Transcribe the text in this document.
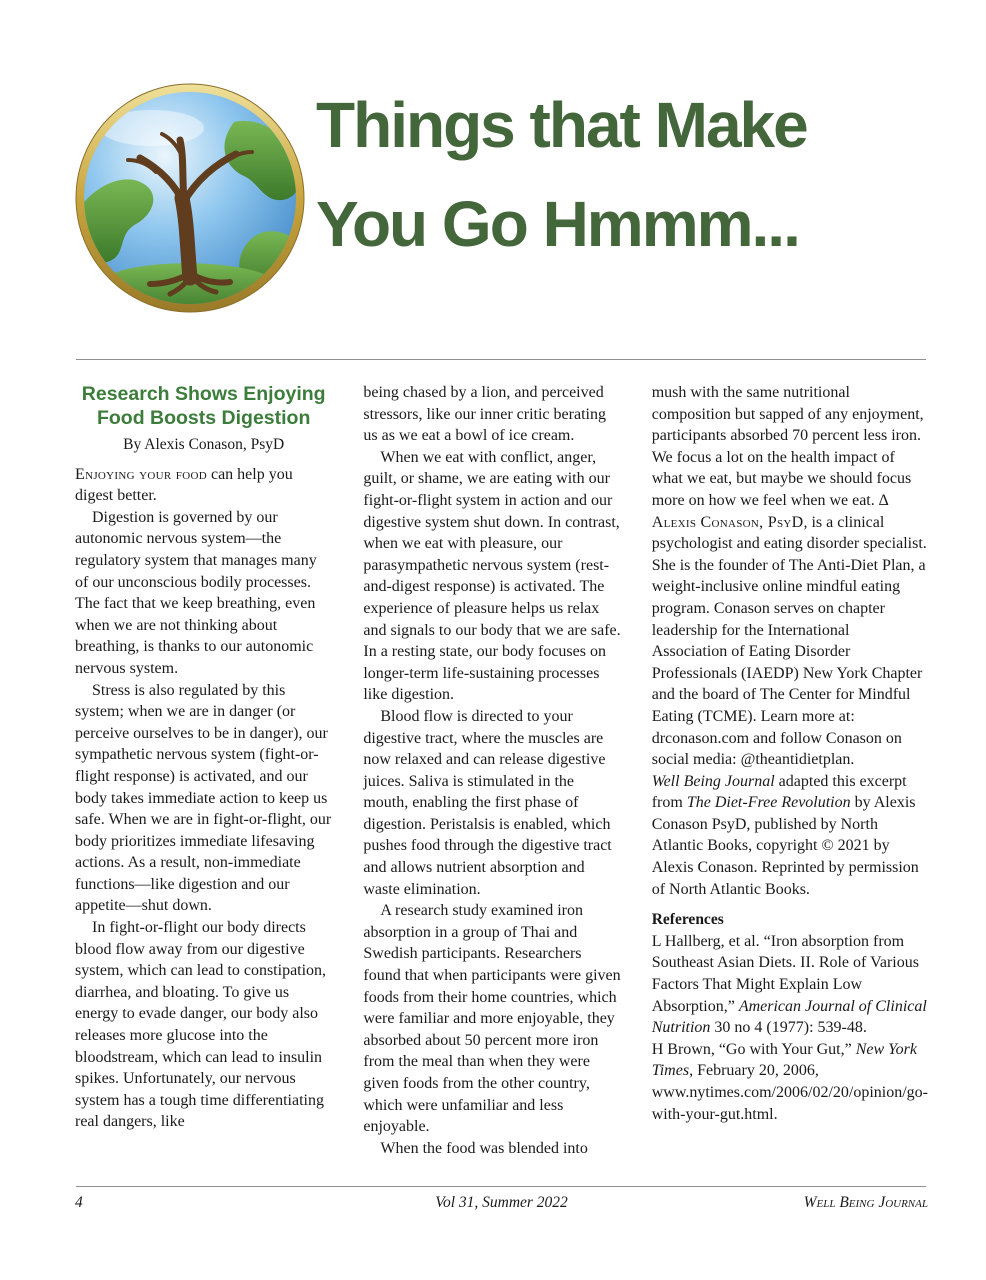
Things that Make
You Go Hmmm...
Research Shows Enjoying
Food Boosts Digestion

By Alexis Conason, PsyD

Enjoying your food can help you digest better.

Digestion is governed by our autonomic nervous system—the regulatory system that manages many of our unconscious bodily processes. The fact that we keep breathing, even when we are not thinking about breathing, is thanks to our autonomic nervous system.

Stress is also regulated by this system; when we are in danger (or perceive ourselves to be in danger), our sympathetic nervous system (fight-or-flight response) is activated, and our body takes immediate action to keep us safe. When we are in fight-or-flight, our body prioritizes immediate lifesaving actions. As a result, non-immediate functions—like digestion and our appetite—shut down.

In fight-or-flight our body directs blood flow away from our digestive system, which can lead to constipation, diarrhea, and bloating. To give us energy to evade danger, our body also releases more glucose into the bloodstream, which can lead to insulin spikes. Unfortunately, our nervous system has a tough time differentiating real dangers, like

being chased by a lion, and perceived stressors, like our inner critic berating us as we eat a bowl of ice cream.

When we eat with conflict, anger, guilt, or shame, we are eating with our fight-or-flight system in action and our digestive system shut down. In contrast, when we eat with pleasure, our parasympathetic nervous system (rest-and-digest response) is activated. The experience of pleasure helps us relax and signals to our body that we are safe. In a resting state, our body focuses on longer-term life-sustaining processes like digestion.

Blood flow is directed to your digestive tract, where the muscles are now relaxed and can release digestive juices. Saliva is stimulated in the mouth, enabling the first phase of digestion. Peristalsis is enabled, which pushes food through the digestive tract and allows nutrient absorption and waste elimination.

A research study examined iron absorption in a group of Thai and Swedish participants. Researchers found that when participants were given foods from their home countries, which were familiar and more enjoyable, they absorbed about 50 percent more iron from the meal than when they were given foods from the other country, which were unfamiliar and less enjoyable.

When the food was blended into

mush with the same nutritional composition but sapped of any enjoyment, participants absorbed 70 percent less iron. We focus a lot on the health impact of what we eat, but maybe we should focus more on how we feel when we eat. ∆

Alexis Conason, PsyD, is a clinical psychologist and eating disorder specialist. She is the founder of The Anti-Diet Plan, a weight-inclusive online mindful eating program. Conason serves on chapter leadership for the International Association of Eating Disorder Professionals (IAEDP) New York Chapter and the board of The Center for Mindful Eating (TCME). Learn more at: drconason.com and follow Conason on social media: @theantidietplan.

Well Being Journal adapted this excerpt from The Diet-Free Revolution by Alexis Conason PsyD, published by North Atlantic Books, copyright © 2021 by Alexis Conason. Reprinted by permission of North Atlantic Books.

References

L Hallberg, et al. “Iron absorption from Southeast Asian Diets. II. Role of Various Factors That Might Explain Low Absorption,” American Journal of Clinical Nutrition 30 no 4 (1977): 539-48.

H Brown, “Go with Your Gut,” New York Times, February 20, 2006, www.nytimes.com/2006/02/20/opinion/go-with-your-gut.html.

4	Vol 31, Summer 2022	Well Being Journal
